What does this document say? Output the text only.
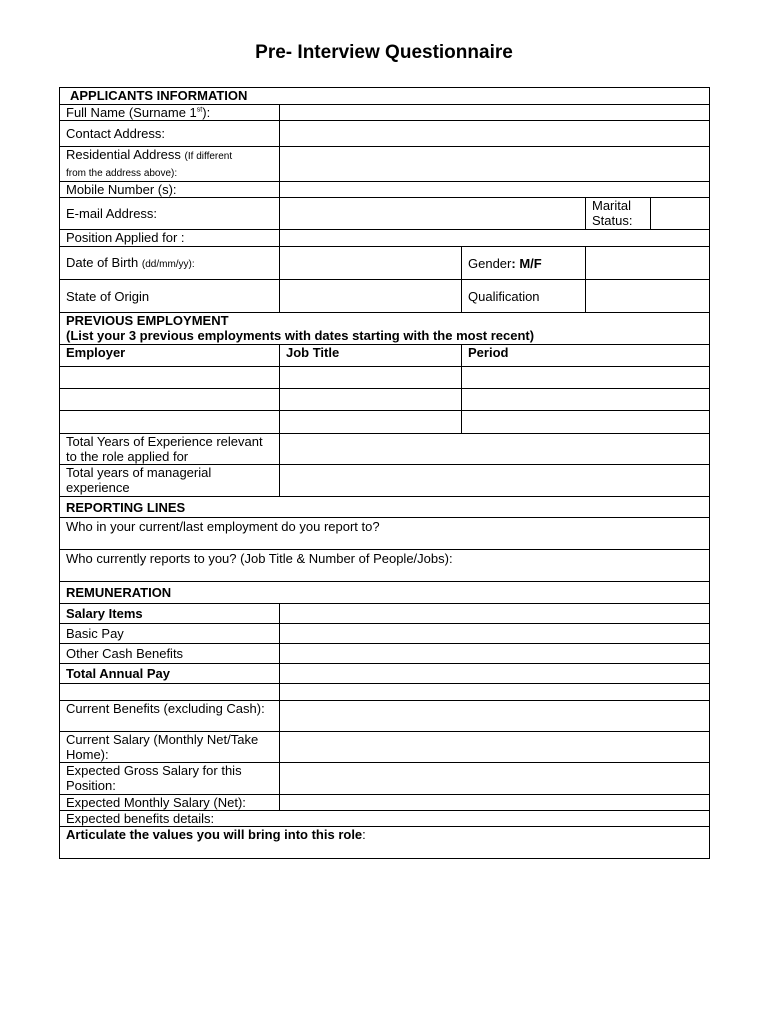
Pre- Interview Questionnaire
APPLICANTS INFORMATION				
Full Name (Surname 1st):				
Contact Address:				
Residential Address (If different
from the address above):				
Mobile Number (s):				
E-mail Address:			Marital
Status:	
Position Applied for :				
Date of Birth (dd/mm/yy):		Gender: M/F		
State of Origin		Qualification		
PREVIOUS EMPLOYMENT
(List your 3 previous employments with dates starting with the most recent)				
Employer	Job Title	Period		

Total Years of Experience relevant to the role applied for				
Total years of managerial experience				
REPORTING LINES				

Who in your current/last employment do you report to?				

Who currently reports to you? (Job Title & Number of People/Jobs):				

REMUNERATION				
Salary Items				
Basic Pay				
Other Cash Benefits				
Total Annual Pay				

Current Benefits (excluding Cash):				
Current Salary (Monthly Net/Take Home):				
Expected Gross Salary for this Position:				
Expected Monthly Salary (Net):				
Expected benefits details:				
Articulate the values you will bring into this role:				
